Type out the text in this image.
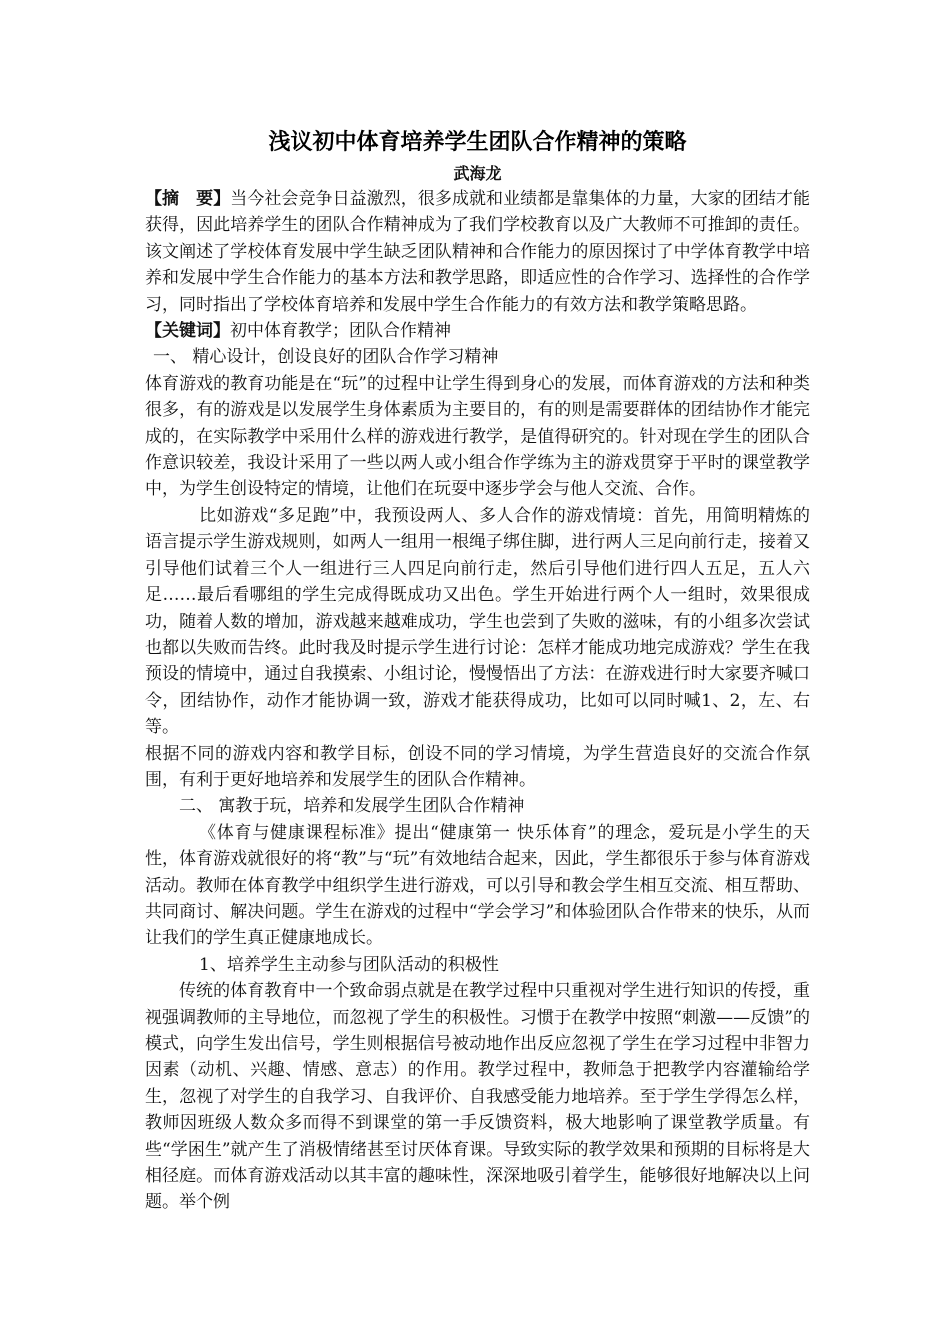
浅议初中体育培养学生团队合作精神的策略

武海龙

【摘　要】当今社会竞争日益激烈，很多成就和业绩都是靠集体的力量，大家的团结才能获得，因此培养学生的团队合作精神成为了我们学校教育以及广大教师不可推卸的责任。该文阐述了学校体育发展中学生缺乏团队精神和合作能力的原因探讨了中学体育教学中培养和发展中学生合作能力的基本方法和教学思路，即适应性的合作学习、选择性的合作学习，同时指出了学校体育培养和发展中学生合作能力的有效方法和教学策略思路。

【关键词】初中体育教学；团队合作精神

一、 精心设计，创设良好的团队合作学习精神

体育游戏的教育功能是在“玩”的过程中让学生得到身心的发展，而体育游戏的方法和种类很多，有的游戏是以发展学生身体素质为主要目的，有的则是需要群体的团结协作才能完成的，在实际教学中采用什么样的游戏进行教学，是值得研究的。针对现在学生的团队合作意识较差，我设计采用了一些以两人或小组合作学练为主的游戏贯穿于平时的课堂教学中，为学生创设特定的情境，让他们在玩耍中逐步学会与他人交流、合作。

比如游戏“多足跑”中，我预设两人、多人合作的游戏情境：首先，用简明精炼的语言提示学生游戏规则，如两人一组用一根绳子绑住脚，进行两人三足向前行走，接着又引导他们试着三个人一组进行三人四足向前行走，然后引导他们进行四人五足，五人六足……最后看哪组的学生完成得既成功又出色。学生开始进行两个人一组时，效果很成功，随着人数的增加，游戏越来越难成功，学生也尝到了失败的滋味，有的小组多次尝试也都以失败而告终。此时我及时提示学生进行讨论：怎样才能成功地完成游戏？学生在我预设的情境中，通过自我摸索、小组讨论，慢慢悟出了方法：在游戏进行时大家要齐喊口令，团结协作，动作才能协调一致，游戏才能获得成功，比如可以同时喊1、2，左、右等。

根据不同的游戏内容和教学目标，创设不同的学习情境，为学生营造良好的交流合作氛围，有利于更好地培养和发展学生的团队合作精神。

二、 寓教于玩，培养和发展学生团队合作精神

《体育与健康课程标准》提出“健康第一 快乐体育”的理念，爱玩是小学生的天性，体育游戏就很好的将“教”与“玩”有效地结合起来，因此，学生都很乐于参与体育游戏活动。教师在体育教学中组织学生进行游戏，可以引导和教会学生相互交流、相互帮助、共同商讨、解决问题。学生在游戏的过程中“学会学习”和体验团队合作带来的快乐，从而让我们的学生真正健康地成长。

1、培养学生主动参与团队活动的积极性

传统的体育教育中一个致命弱点就是在教学过程中只重视对学生进行知识的传授，重视强调教师的主导地位，而忽视了学生的积极性。习惯于在教学中按照“刺激——反馈”的模式，向学生发出信号，学生则根据信号被动地作出反应忽视了学生在学习过程中非智力因素（动机、兴趣、情感、意志）的作用。教学过程中，教师急于把教学内容灌输给学生，忽视了对学生的自我学习、自我评价、自我感受能力地培养。至于学生学得怎么样，教师因班级人数众多而得不到课堂的第一手反馈资料，极大地影响了课堂教学质量。有些“学困生”就产生了消极情绪甚至讨厌体育课。导致实际的教学效果和预期的目标将是大相径庭。而体育游戏活动以其丰富的趣味性，深深地吸引着学生，能够很好地解决以上问题。举个例
